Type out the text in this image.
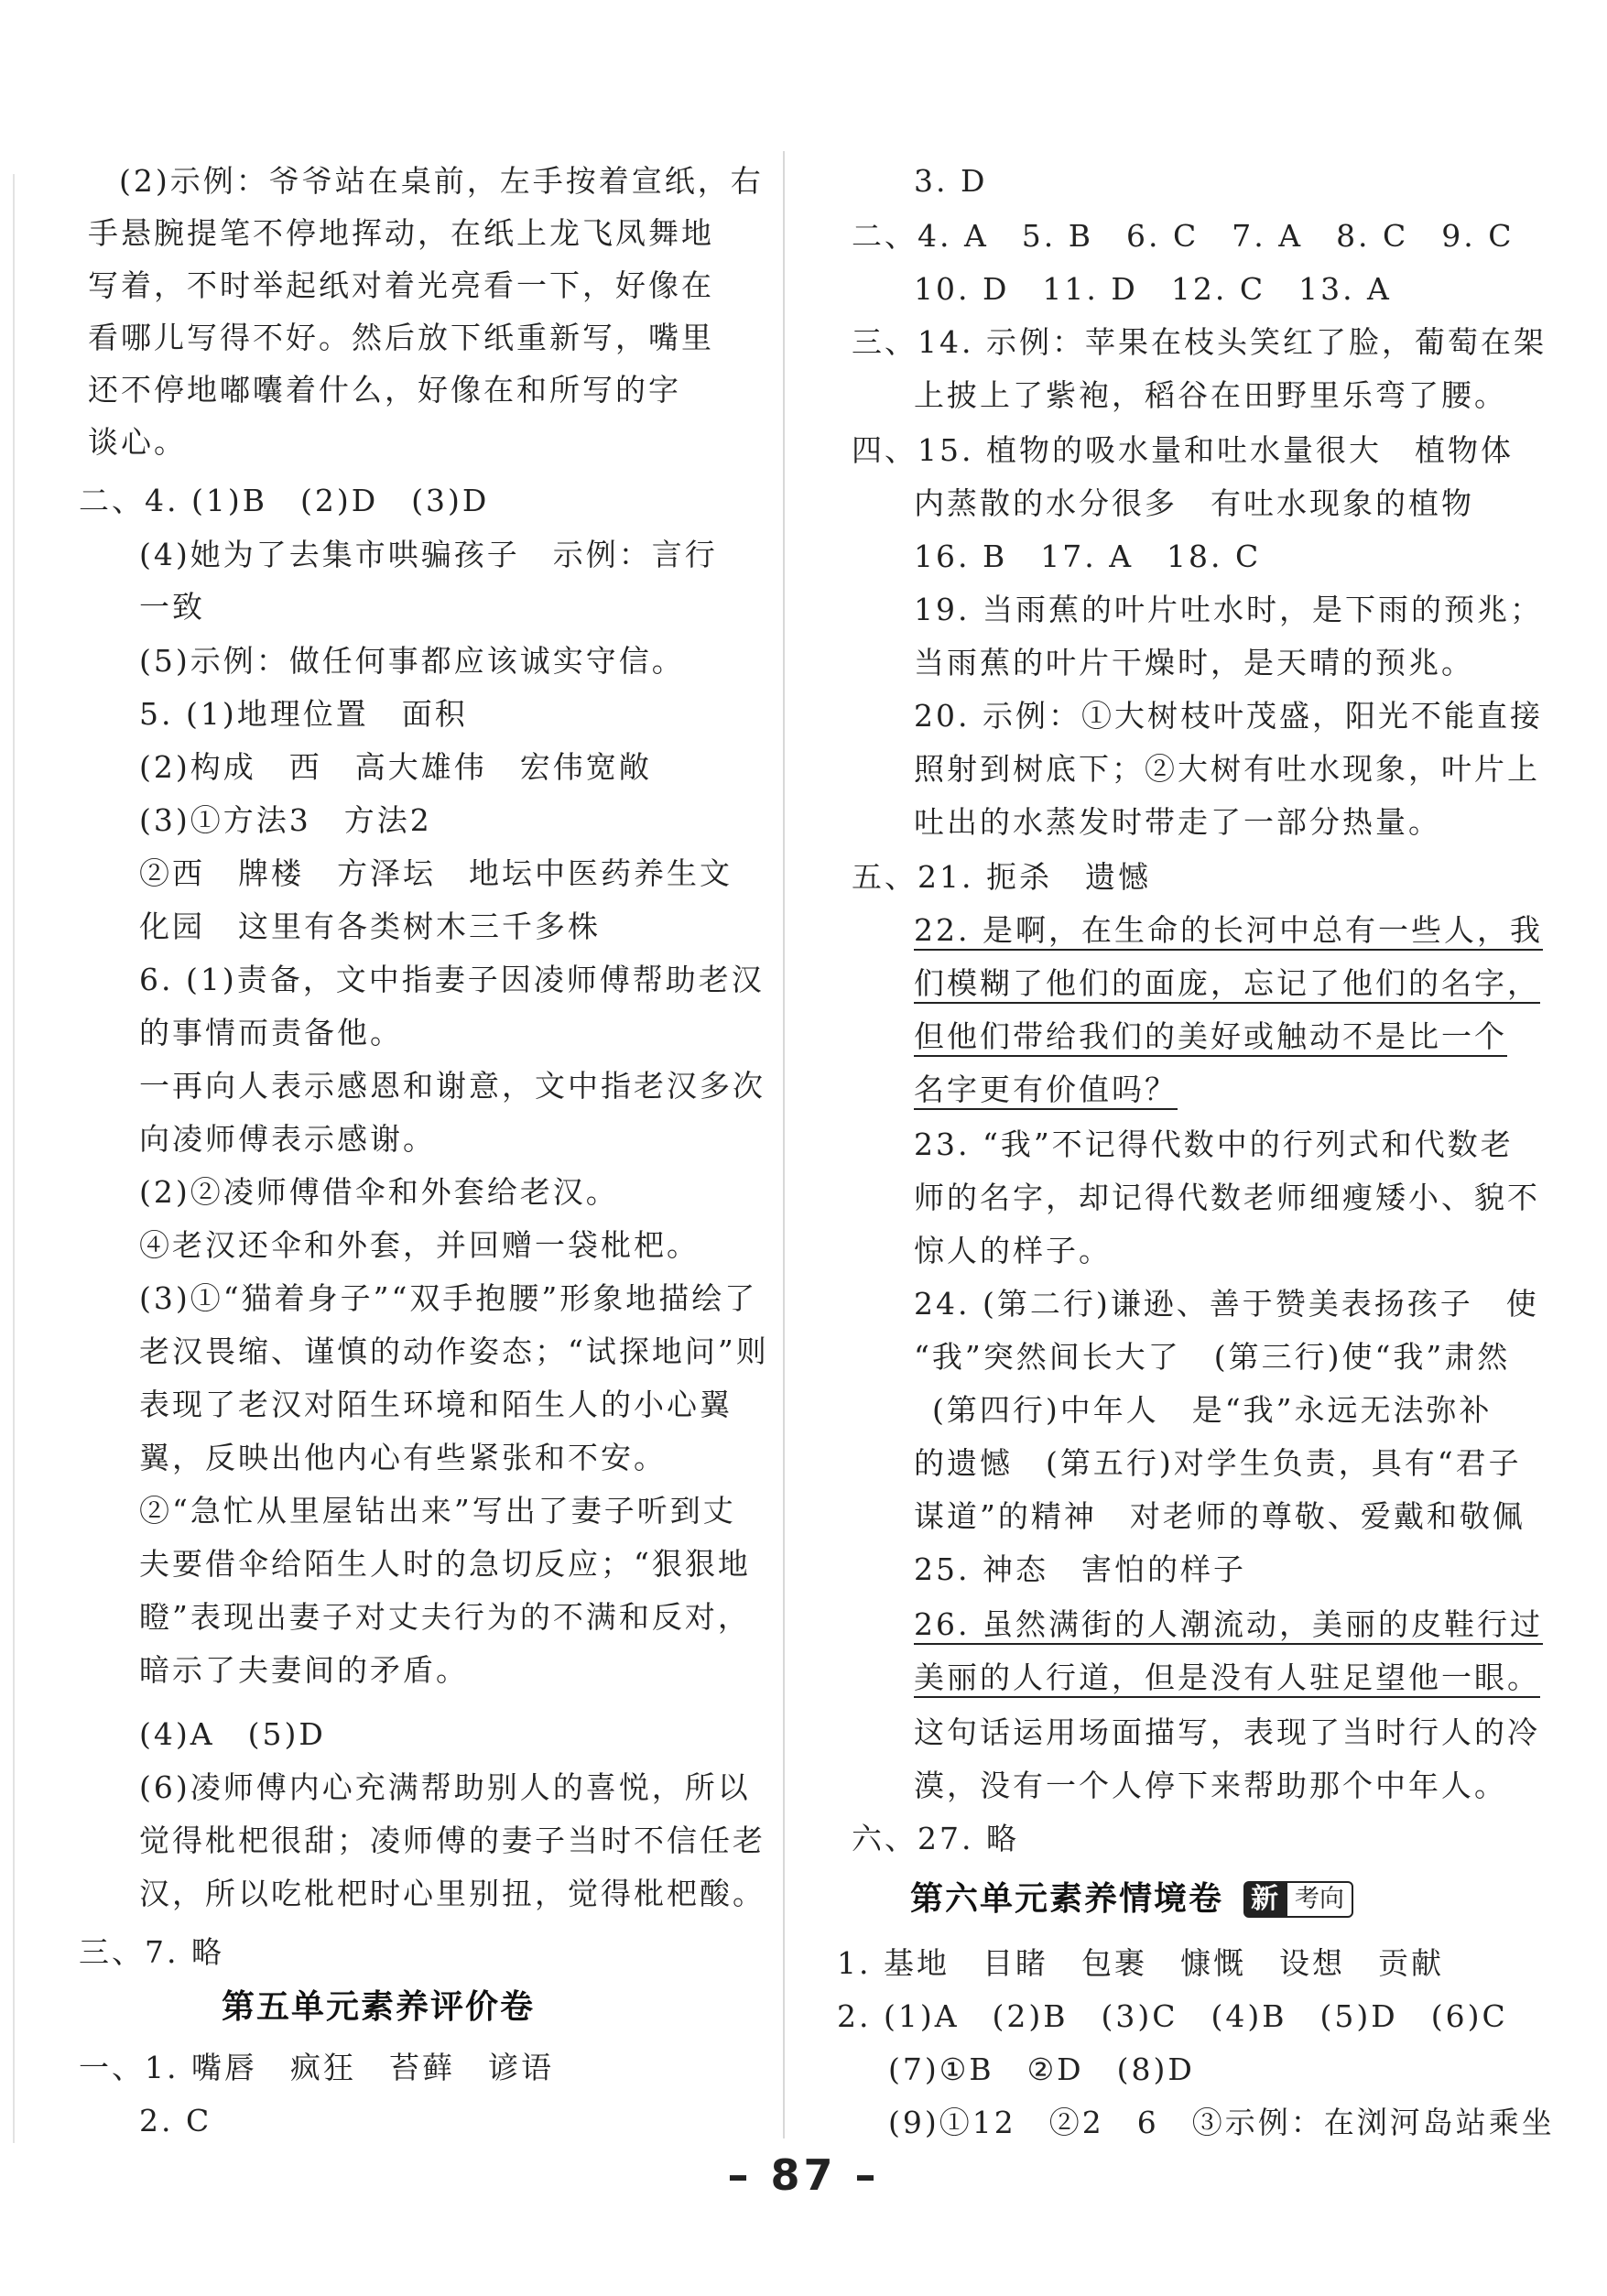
(2)示例：爷爷站在桌前，左手按着宣纸，右
手悬腕提笔不停地挥动，在纸上龙飞凤舞地
写着，不时举起纸对着光亮看一下，好像在
看哪儿写得不好。然后放下纸重新写，嘴里
还不停地嘟囔着什么，好像在和所写的字
谈心。
二、4. (1)B　(2)D　(3)D
(4)她为了去集市哄骗孩子　示例：言行
一致
(5)示例：做任何事都应该诚实守信。
5. (1)地理位置　面积
(2)构成　西　高大雄伟　宏伟宽敞
(3)①方法3　方法2
②西　牌楼　方泽坛　地坛中医药养生文
化园　这里有各类树木三千多株
6. (1)责备，文中指妻子因凌师傅帮助老汉
的事情而责备他。
一再向人表示感恩和谢意，文中指老汉多次
向凌师傅表示感谢。
(2)②凌师傅借伞和外套给老汉。
④老汉还伞和外套，并回赠一袋枇杷。
(3)①“猫着身子”“双手抱腰”形象地描绘了
老汉畏缩、谨慎的动作姿态；“试探地问”则
表现了老汉对陌生环境和陌生人的小心翼
翼，反映出他内心有些紧张和不安。
②“急忙从里屋钻出来”写出了妻子听到丈
夫要借伞给陌生人时的急切反应；“狠狠地
瞪”表现出妻子对丈夫行为的不满和反对，
暗示了夫妻间的矛盾。
(4)A　(5)D
(6)凌师傅内心充满帮助别人的喜悦，所以
觉得枇杷很甜；凌师傅的妻子当时不信任老
汉，所以吃枇杷时心里别扭，觉得枇杷酸。
三、7. 略
第五单元素养评价卷
一、1. 嘴唇　疯狂　苔藓　谚语
2. C
3. D
二、4. A　5. B　6. C　7. A　8. C　9. C
10. D　11. D　12. C　13. A
三、14. 示例：苹果在枝头笑红了脸，葡萄在架
上披上了紫袍，稻谷在田野里乐弯了腰。
四、15. 植物的吸水量和吐水量很大　植物体
内蒸散的水分很多　有吐水现象的植物
16. B　17. A　18. C
19. 当雨蕉的叶片吐水时，是下雨的预兆；
当雨蕉的叶片干燥时，是天晴的预兆。
20. 示例：①大树枝叶茂盛，阳光不能直接
照射到树底下；②大树有吐水现象，叶片上
吐出的水蒸发时带走了一部分热量。
五、21. 扼杀　遗憾
22. 是啊，在生命的长河中总有一些人，我
们模糊了他们的面庞，忘记了他们的名字，
但他们带给我们的美好或触动不是比一个
名字更有价值吗？
23. “我”不记得代数中的行列式和代数老
师的名字，却记得代数老师细瘦矮小、貌不
惊人的样子。
24. (第二行)谦逊、善于赞美表扬孩子　使
“我”突然间长大了　(第三行)使“我”肃然
(第四行)中年人　是“我”永远无法弥补
的遗憾　(第五行)对学生负责，具有“君子
谋道”的精神　对老师的尊敬、爱戴和敬佩
25. 神态　害怕的样子
26. 虽然满街的人潮流动，美丽的皮鞋行过
美丽的人行道，但是没有人驻足望他一眼。
这句话运用场面描写，表现了当时行人的冷
漠，没有一个人停下来帮助那个中年人。
六、27. 略
第六单元素养情境卷 新 考向
1. 基地　目睹　包裹　慷慨　设想　贡献
2. (1)A　(2)B　(3)C　(4)B　(5)D　(6)C
(7)①B　②D　(8)D
(9)①12　②2　6　③示例：在浏河岛站乘坐
– 87 –
